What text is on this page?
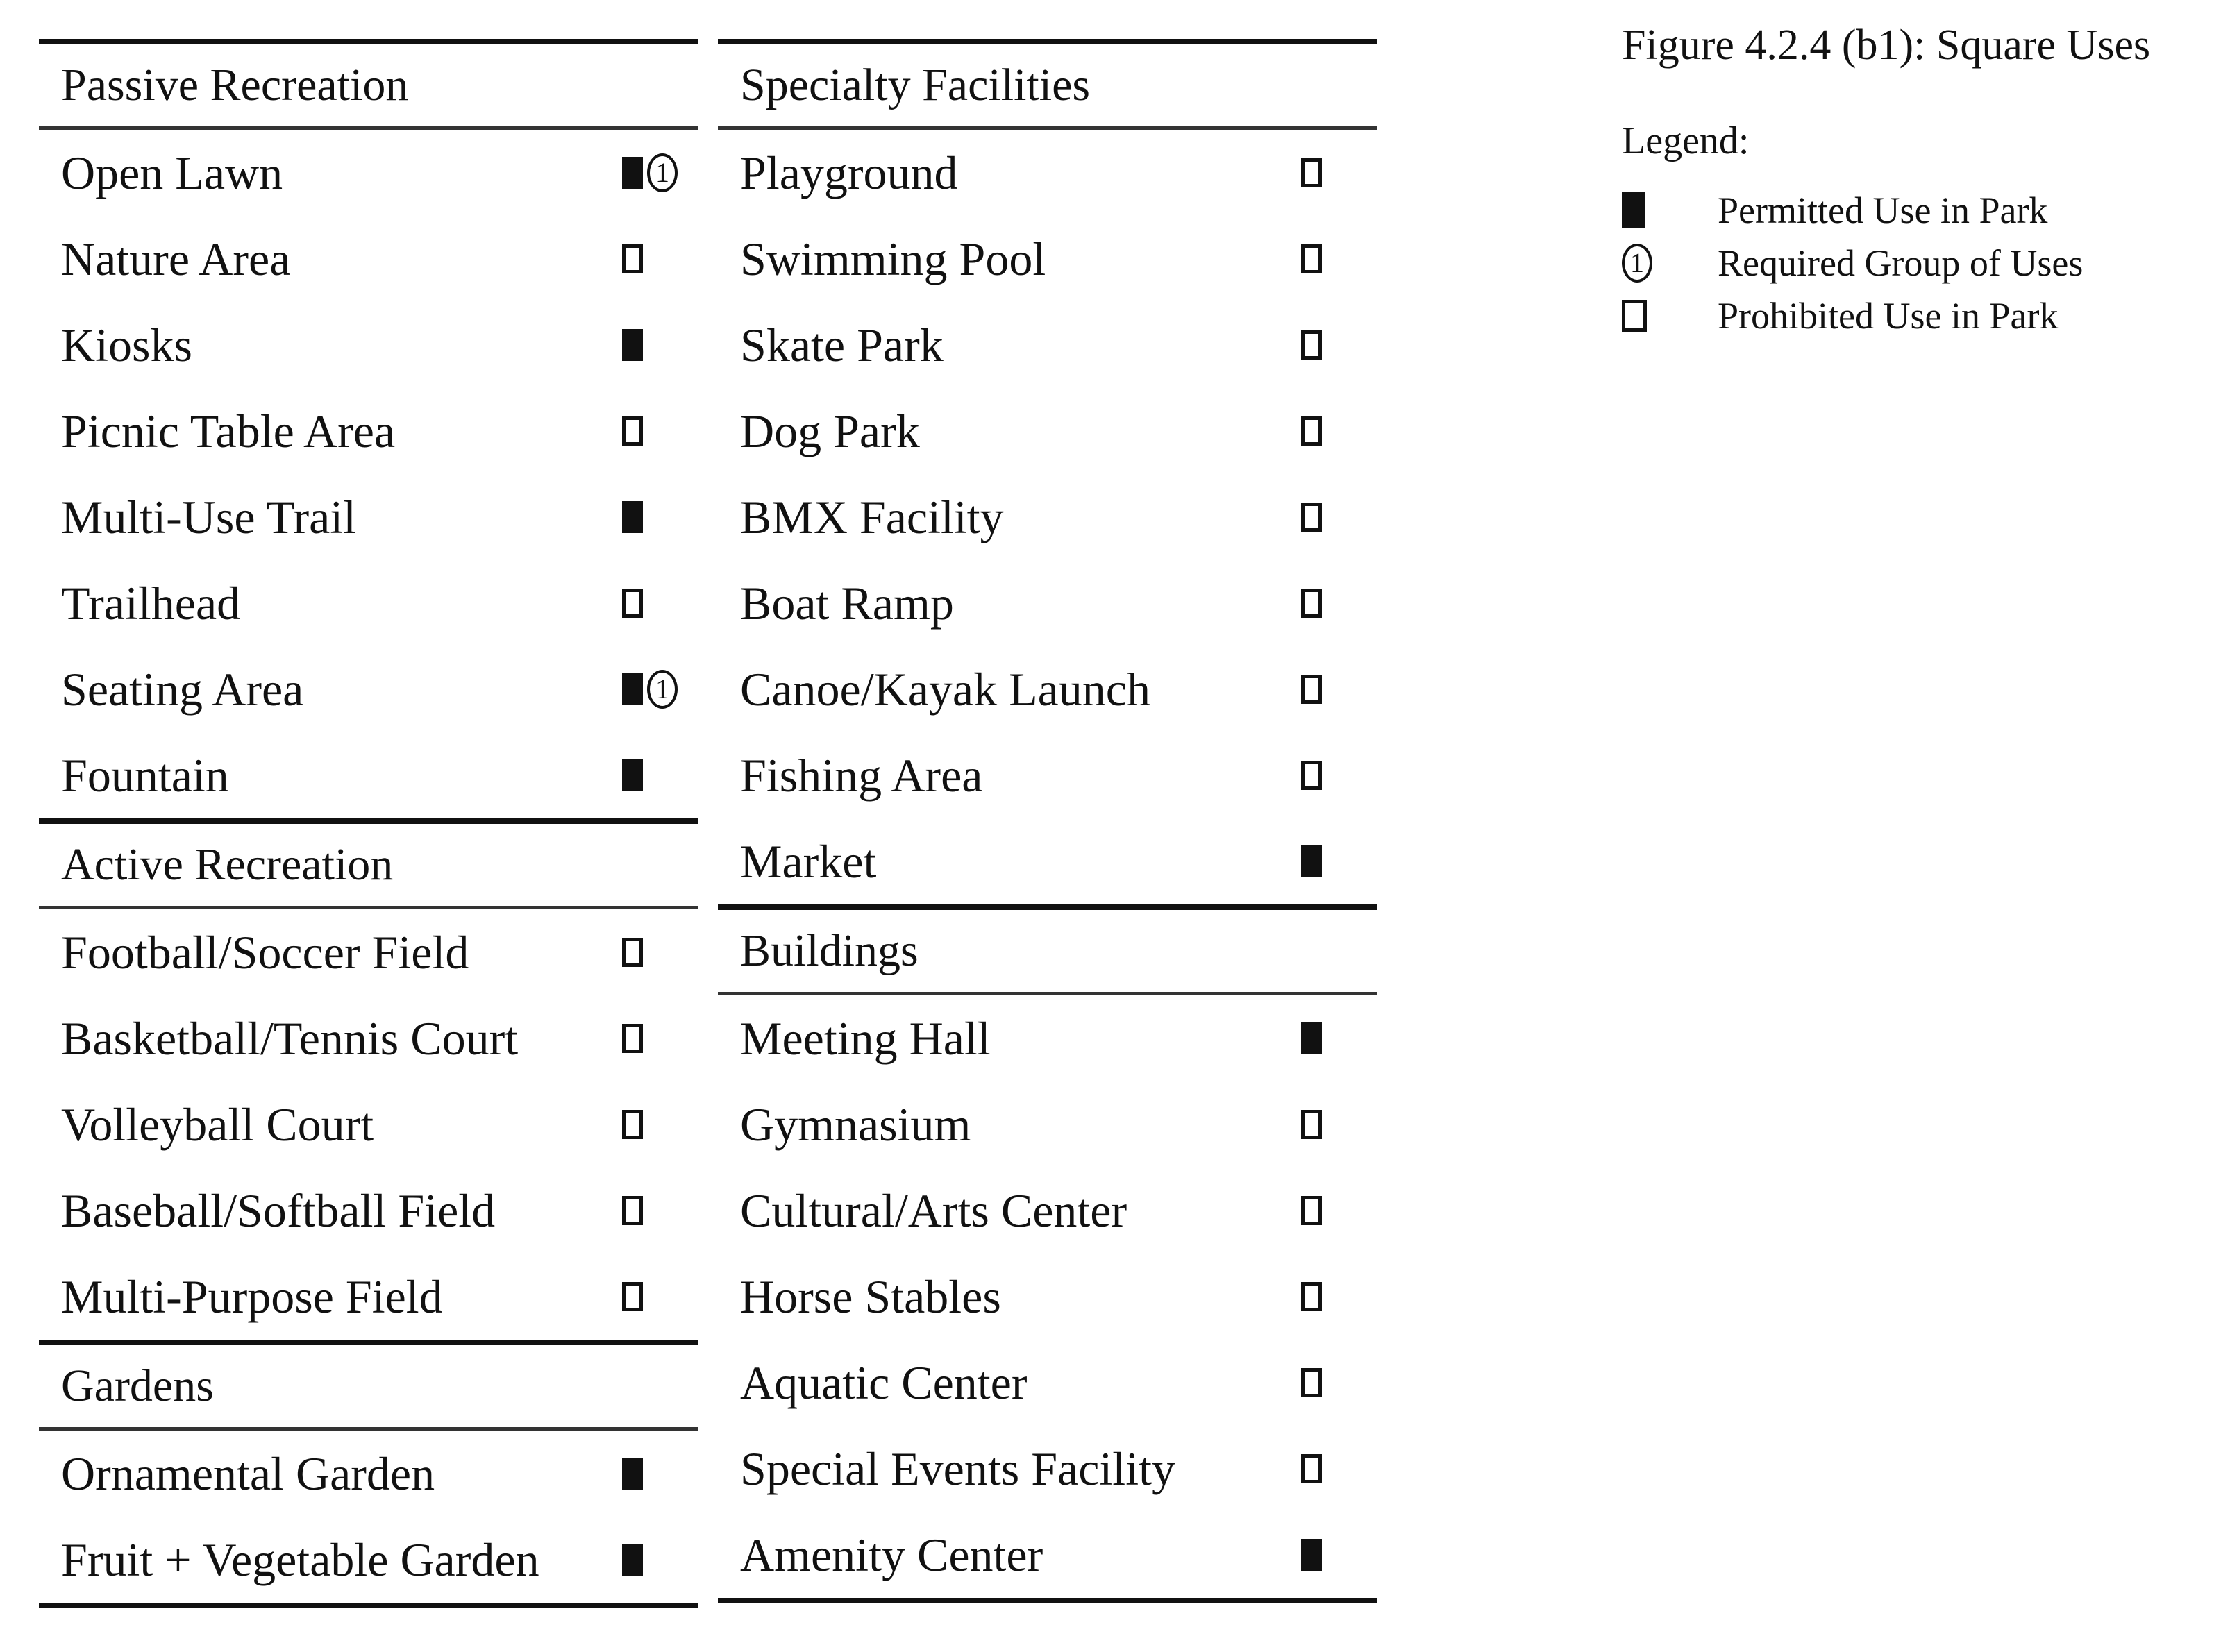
Passive Recreation
Open Lawn	1
Nature Area
Kiosks
Picnic Table Area
Multi-Use Trail
Trailhead
Seating Area	1
Fountain
Active Recreation
Football/Soccer Field
Basketball/Tennis Court
Volleyball Court
Baseball/Softball Field
Multi-Purpose Field
Gardens
Ornamental Garden
Fruit + Vegetable Garden
Specialty Facilities
Playground
Swimming Pool
Skate Park
Dog Park
BMX Facility
Boat Ramp
Canoe/Kayak Launch
Fishing Area
Market
Buildings
Meeting Hall
Gymnasium
Cultural/Arts Center
Horse Stables
Aquatic Center
Special Events Facility
Amenity Center
Figure 4.2.4 (b1): Square Uses
Legend:
Permitted Use in Park
1 Required Group of Uses
Prohibited Use in Park
